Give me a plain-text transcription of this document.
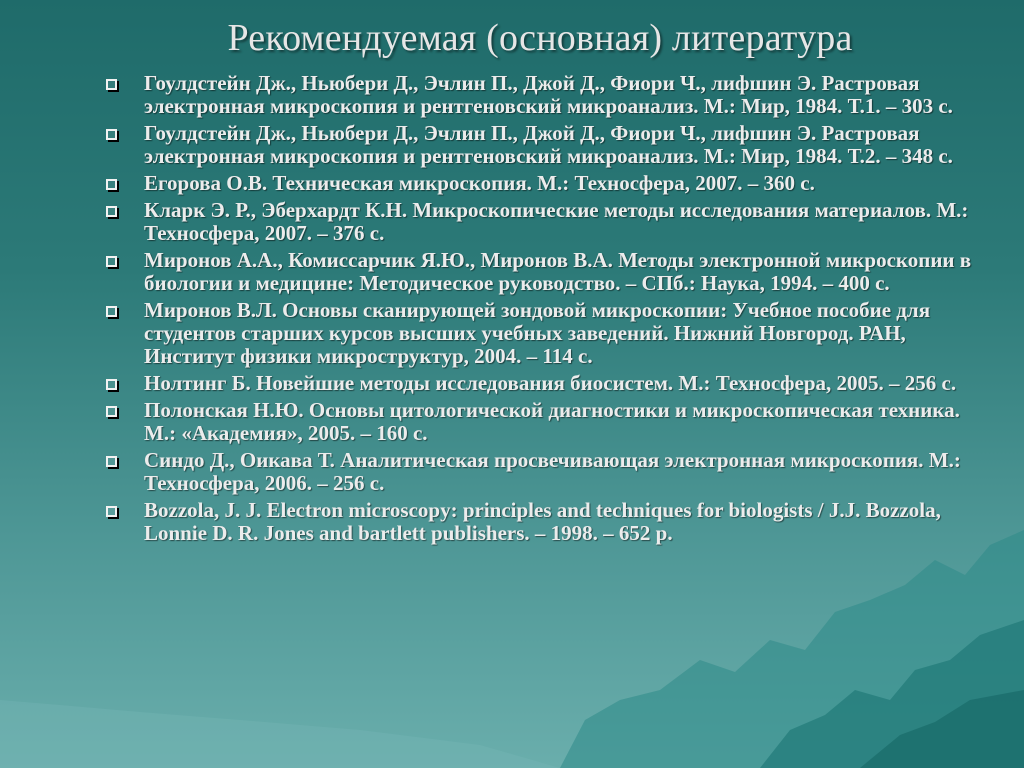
Рекомендуемая (основная) литература
Гоулдстейн Дж., Ньюбери Д., Эчлин П., Джой Д., Фиори Ч., лифшин Э. Растровая электронная микроскопия и рентгеновский микроанализ. М.: Мир, 1984. Т.1. – 303 с.
Гоулдстейн Дж., Ньюбери Д., Эчлин П., Джой Д., Фиори Ч., лифшин Э. Растровая электронная микроскопия и рентгеновский микроанализ. М.: Мир, 1984. Т.2. – 348 с.
Егорова О.В. Техническая микроскопия. М.: Техносфера, 2007. – 360 с.
Кларк Э. Р., Эберхардт К.Н. Микроскопические методы исследования материалов. М.: Техносфера, 2007. – 376 с.
Миронов А.А., Комиссарчик Я.Ю., Миронов В.А. Методы электронной микроскопии в биологии и медицине: Методическое руководство. – СПб.: Наука, 1994. – 400 с.
Миронов В.Л. Основы сканирующей зондовой микроскопии: Учебное пособие для студентов старших курсов высших учебных заведений. Нижний Новгород. РАН, Институт физики микроструктур, 2004. – 114 с.
Нолтинг Б. Новейшие методы исследования биосистем. М.: Техносфера, 2005. – 256 с.
Полонская Н.Ю. Основы цитологической диагностики и микроскопическая техника. М.: «Академия», 2005. – 160 с.
Синдо Д., Оикава Т. Аналитическая просвечивающая электронная микроскопия. М.: Техносфера, 2006. – 256 с.
Bozzola, J. J. Electron microscopy: principles and techniques for biologists / J.J. Bozzola, Lonnie D. R. Jones and bartlett publishers. – 1998. – 652 p.
